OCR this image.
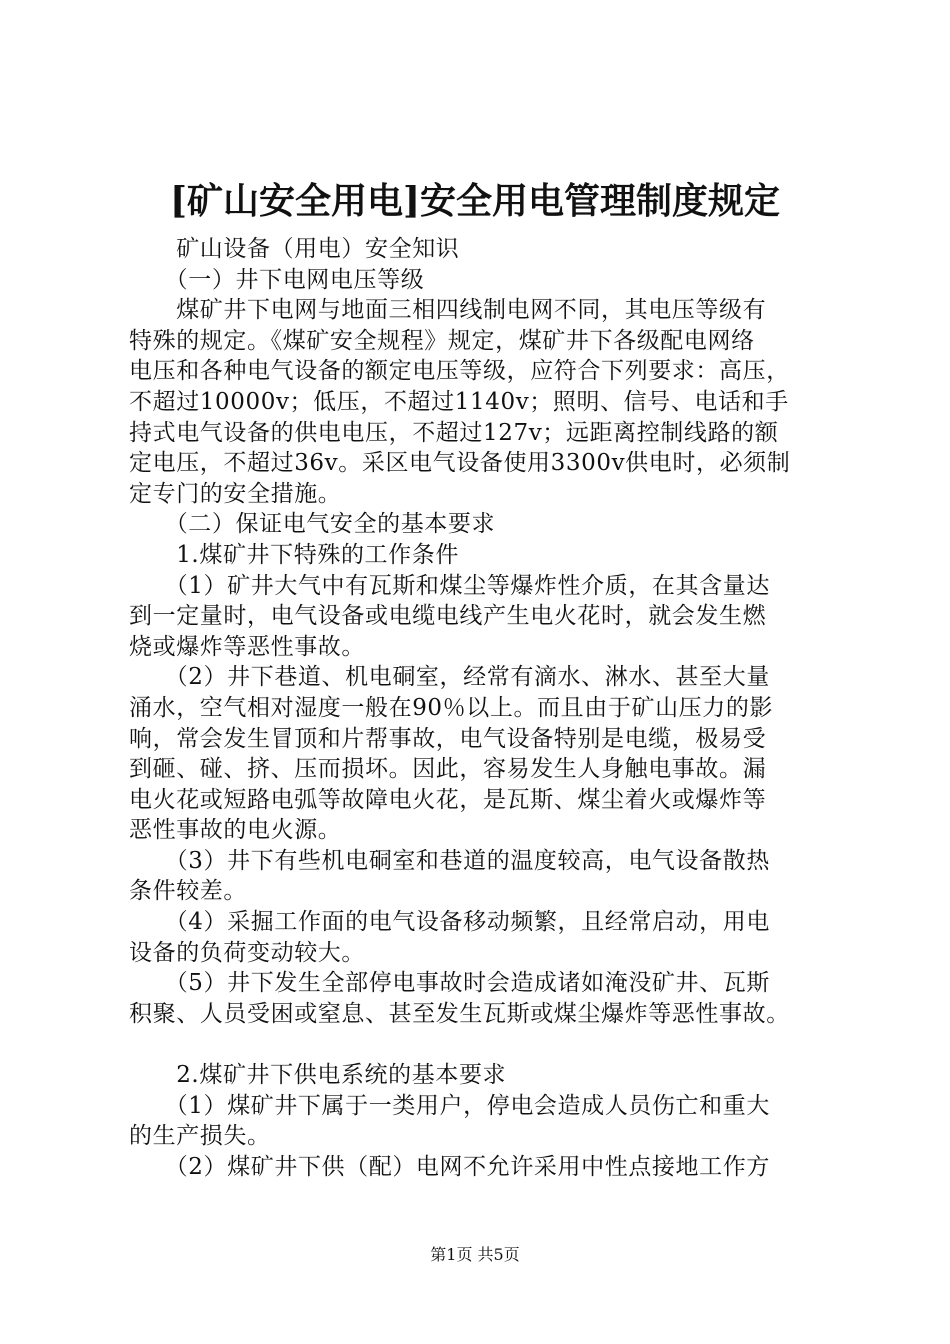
[矿山安全用电]安全用电管理制度规定
　　矿山设备（用电）安全知识
　　（一）井下电网电压等级
　　煤矿井下电网与地面三相四线制电网不同，其电压等级有
特殊的规定。《煤矿安全规程》规定，煤矿井下各级配电网络
电压和各种电气设备的额定电压等级，应符合下列要求：高压，
不超过10000v；低压，不超过1140v；照明、信号、电话和手
持式电气设备的供电电压，不超过127v；远距离控制线路的额
定电压，不超过36v。采区电气设备使用3300v供电时，必须制
定专门的安全措施。
　　（二）保证电气安全的基本要求
　　1.煤矿井下特殊的工作条件
　　（1）矿井大气中有瓦斯和煤尘等爆炸性介质，在其含量达
到一定量时，电气设备或电缆电线产生电火花时，就会发生燃
烧或爆炸等恶性事故。
　　（2）井下巷道、机电硐室，经常有滴水、淋水、甚至大量
涌水，空气相对湿度一般在90％以上。而且由于矿山压力的影
响，常会发生冒顶和片帮事故，电气设备特别是电缆，极易受
到砸、碰、挤、压而损坏。因此，容易发生人身触电事故。漏
电火花或短路电弧等故障电火花，是瓦斯、煤尘着火或爆炸等
恶性事故的电火源。
　　（3）井下有些机电硐室和巷道的温度较高，电气设备散热
条件较差。
　　（4）采掘工作面的电气设备移动频繁，且经常启动，用电
设备的负荷变动较大。
　　（5）井下发生全部停电事故时会造成诸如淹没矿井、瓦斯
积聚、人员受困或窒息、甚至发生瓦斯或煤尘爆炸等恶性事故。
　　2.煤矿井下供电系统的基本要求
　　（1）煤矿井下属于一类用户，停电会造成人员伤亡和重大
的生产损失。
　　（2）煤矿井下供（配）电网不允许采用中性点接地工作方
第1页 共5页
